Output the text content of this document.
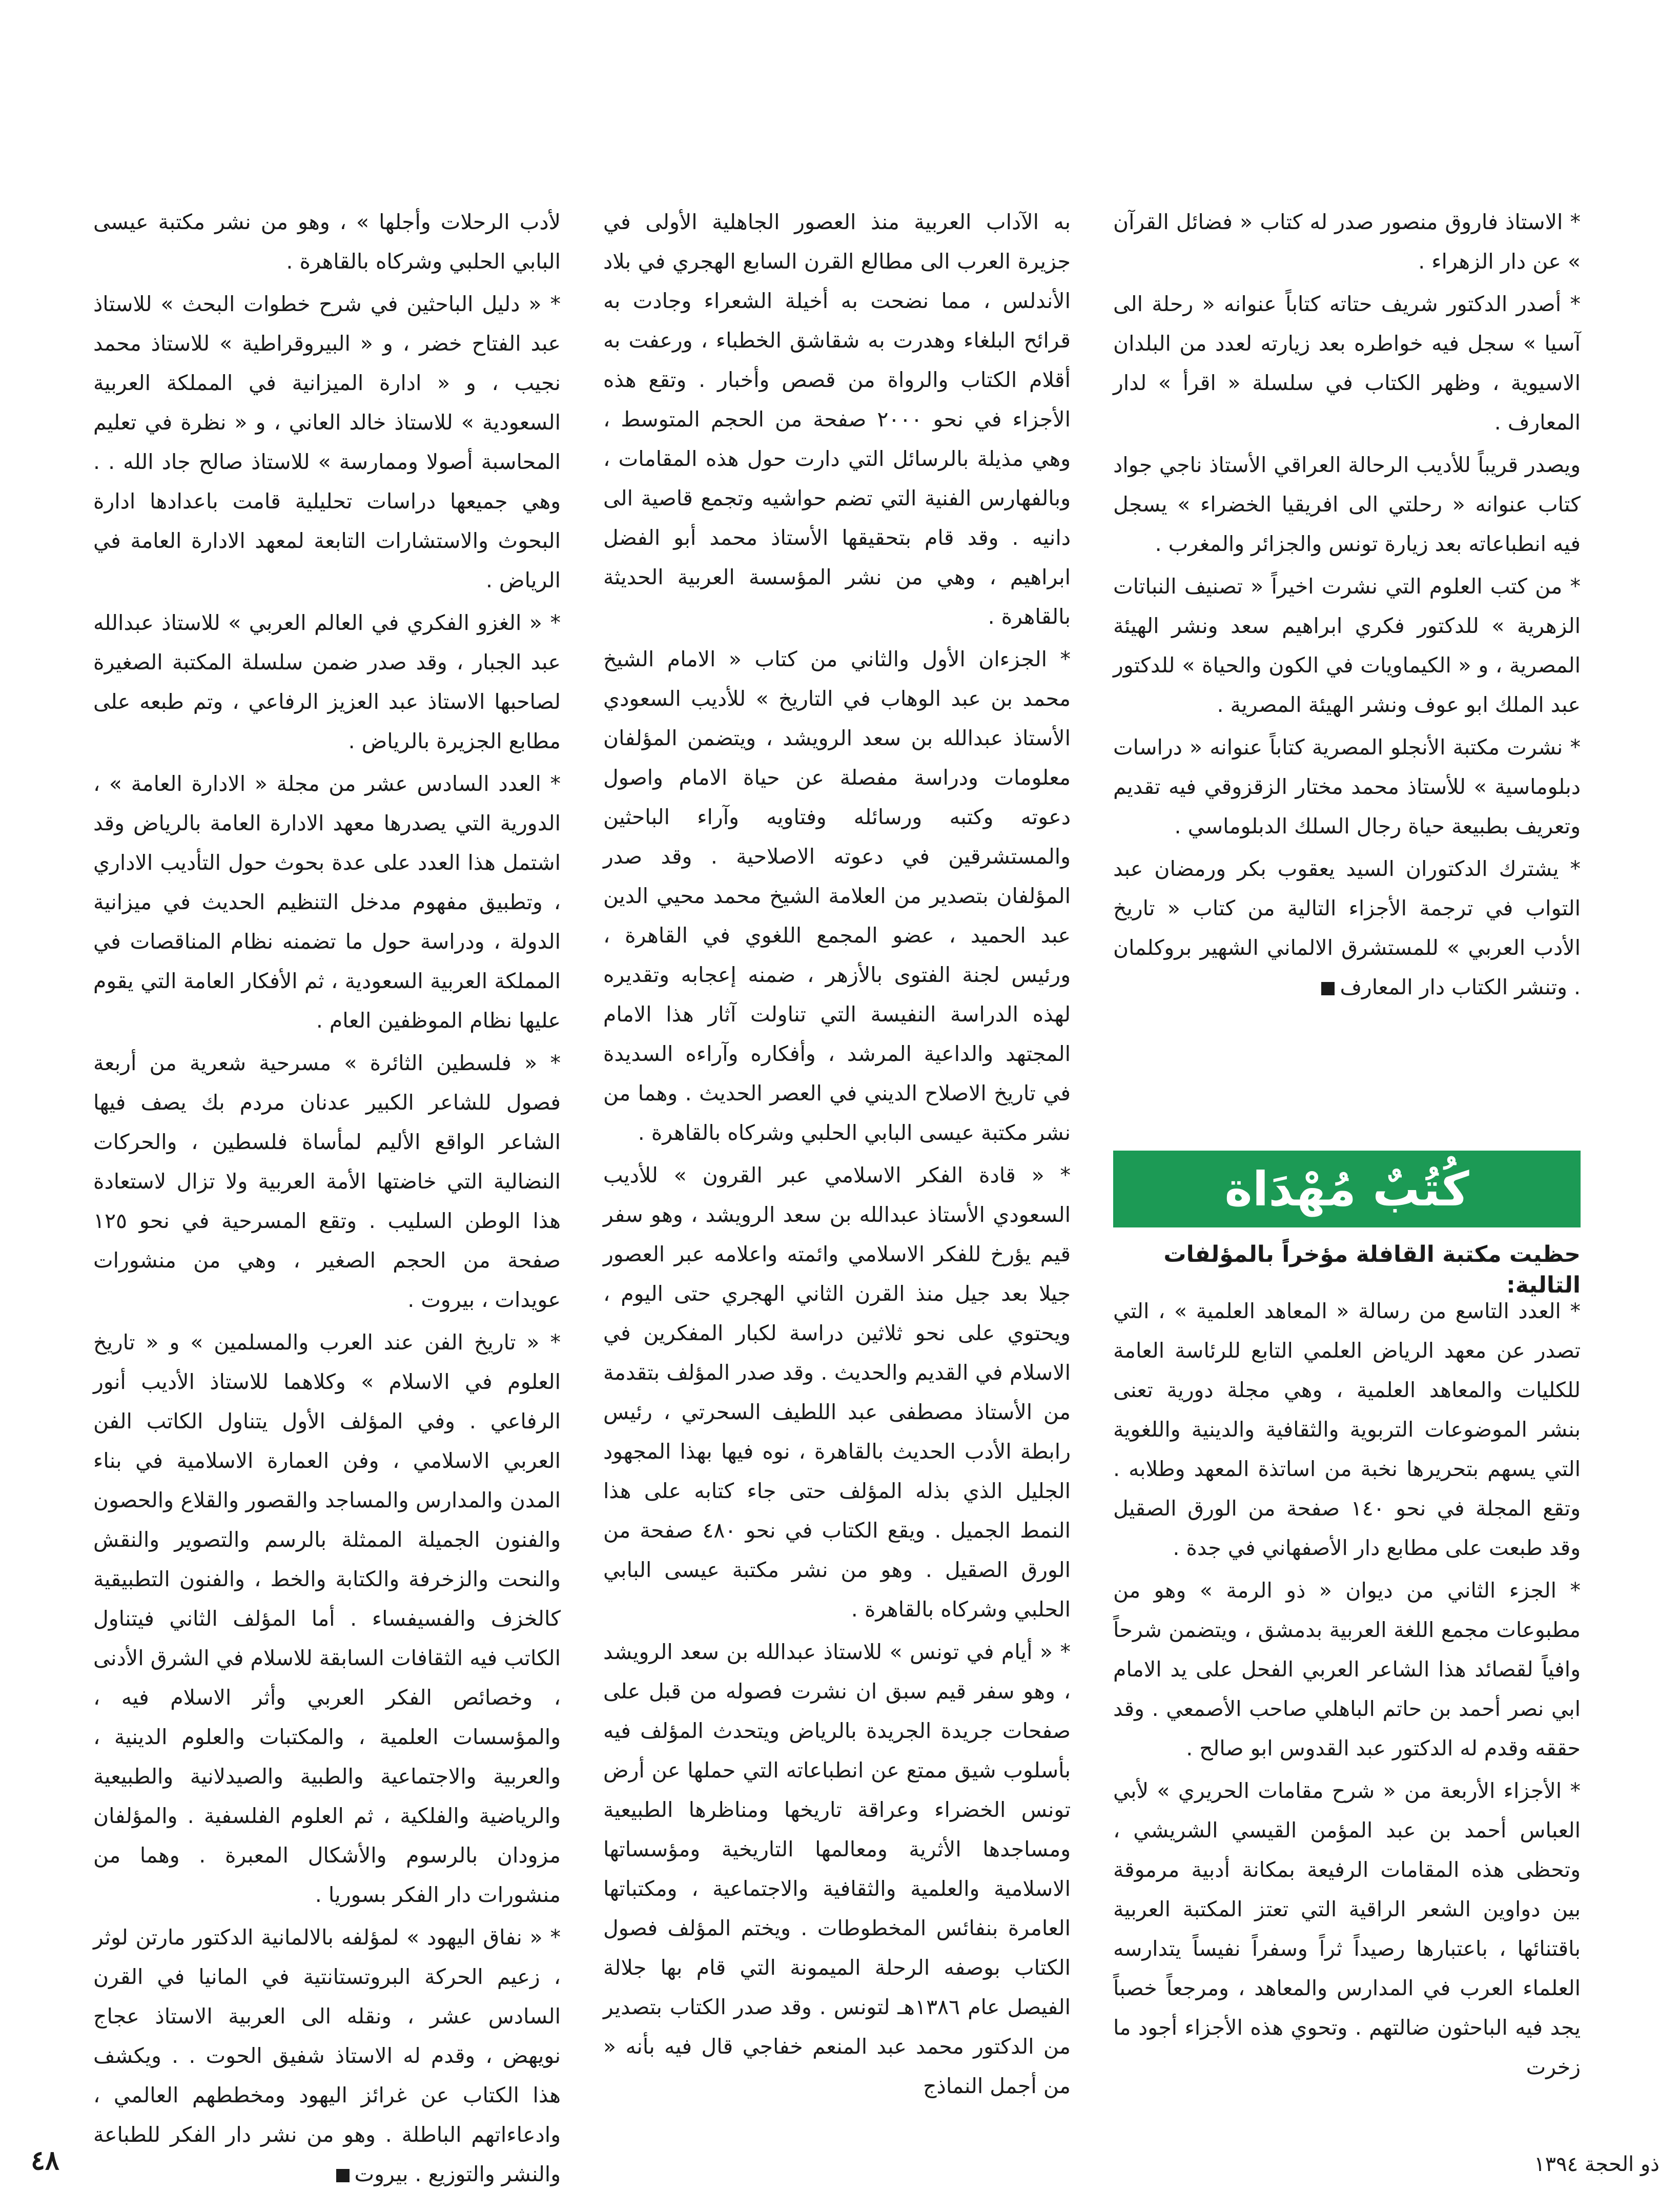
* الاستاذ فاروق منصور صدر له كتاب « فضائل القرآن » عن دار الزهراء .

* أصدر الدكتور شريف حتاته كتاباً عنوانه « رحلة الى آسيا » سجل فيه خواطره بعد زيارته لعدد من البلدان الاسيوية ، وظهر الكتاب في سلسلة « اقرأ » لدار المعارف .

ويصدر قريباً للأديب الرحالة العراقي الأستاذ ناجي جواد كتاب عنوانه « رحلتي الى افريقيا الخضراء » يسجل فيه انطباعاته بعد زيارة تونس والجزائر والمغرب .

* من كتب العلوم التي نشرت اخيراً « تصنيف النباتات الزهرية » للدكتور فكري ابراهيم سعد ونشر الهيئة المصرية ، و « الكيماويات في الكون والحياة » للدكتور عبد الملك ابو عوف ونشر الهيئة المصرية .

* نشرت مكتبة الأنجلو المصرية كتاباً عنوانه « دراسات دبلوماسية » للأستاذ محمد مختار الزقزوقي فيه تقديم وتعريف بطبيعة حياة رجال السلك الدبلوماسي .

* يشترك الدكتوران السيد يعقوب بكر ورمضان عبد التواب في ترجمة الأجزاء التالية من كتاب « تاريخ الأدب العربي » للمستشرق الالماني الشهير بروكلمان . وتنشر الكتاب دار المعارف

كُتُبٌ مُهْدَاة
حظيت مكتبة القافلة مؤخراً بالمؤلفات التالية:

* العدد التاسع من رسالة « المعاهد العلمية » ، التي تصدر عن معهد الرياض العلمي التابع للرئاسة العامة للكليات والمعاهد العلمية ، وهي مجلة دورية تعنى بنشر الموضوعات التربوية والثقافية والدينية واللغوية التي يسهم بتحريرها نخبة من اساتذة المعهد وطلابه . وتقع المجلة في نحو ١٤٠ صفحة من الورق الصقيل وقد طبعت على مطابع دار الأصفهاني في جدة .

* الجزء الثاني من ديوان « ذو الرمة » وهو من مطبوعات مجمع اللغة العربية بدمشق ، ويتضمن شرحاً وافياً لقصائد هذا الشاعر العربي الفحل على يد الامام ابي نصر أحمد بن حاتم الباهلي صاحب الأصمعي . وقد حققه وقدم له الدكتور عبد القدوس ابو صالح .

* الأجزاء الأربعة من « شرح مقامات الحريري » لأبي العباس أحمد بن عبد المؤمن القيسي الشريشي ، وتحظى هذه المقامات الرفيعة بمكانة أدبية مرموقة بين دواوين الشعر الراقية التي تعتز المكتبة العربية باقتنائها ، باعتبارها رصيداً ثراً وسفراً نفيساً يتدارسه العلماء العرب في المدارس والمعاهد ، ومرجعاً خصباً يجد فيه الباحثون ضالتهم . وتحوي هذه الأجزاء أجود ما زخرت

به الآداب العربية منذ العصور الجاهلية الأولى في جزيرة العرب الى مطالع القرن السابع الهجري في بلاد الأندلس ، مما نضحت به أخيلة الشعراء وجادت به قرائح البلغاء وهدرت به شقاشق الخطباء ، ورعفت به أقلام الكتاب والرواة من قصص وأخبار . وتقع هذه الأجزاء في نحو ٢٠٠٠ صفحة من الحجم المتوسط ، وهي مذيلة بالرسائل التي دارت حول هذه المقامات ، وبالفهارس الفنية التي تضم حواشيه وتجمع قاصية الى دانيه . وقد قام بتحقيقها الأستاذ محمد أبو الفضل ابراهيم ، وهي من نشر المؤسسة العربية الحديثة بالقاهرة .

* الجزءان الأول والثاني من كتاب « الامام الشيخ محمد بن عبد الوهاب في التاريخ » للأديب السعودي الأستاذ عبدالله بن سعد الرويشد ، ويتضمن المؤلفان معلومات ودراسة مفصلة عن حياة الامام واصول دعوته وكتبه ورسائله وفتاويه وآراء الباحثين والمستشرقين في دعوته الاصلاحية . وقد صدر المؤلفان بتصدير من العلامة الشيخ محمد محيي الدين عبد الحميد ، عضو المجمع اللغوي في القاهرة ، ورئيس لجنة الفتوى بالأزهر ، ضمنه إعجابه وتقديره لهذه الدراسة النفيسة التي تناولت آثار هذا الامام المجتهد والداعية المرشد ، وأفكاره وآراءه السديدة في تاريخ الاصلاح الديني في العصر الحديث . وهما من نشر مكتبة عيسى البابي الحلبي وشركاه بالقاهرة .

* « قادة الفكر الاسلامي عبر القرون » للأديب السعودي الأستاذ عبدالله بن سعد الرويشد ، وهو سفر قيم يؤرخ للفكر الاسلامي وائمته واعلامه عبر العصور جيلا بعد جيل منذ القرن الثاني الهجري حتى اليوم ، ويحتوي على نحو ثلاثين دراسة لكبار المفكرين في الاسلام في القديم والحديث . وقد صدر المؤلف بتقدمة من الأستاذ مصطفى عبد اللطيف السحرتي ، رئيس رابطة الأدب الحديث بالقاهرة ، نوه فيها بهذا المجهود الجليل الذي بذله المؤلف حتى جاء كتابه على هذا النمط الجميل . ويقع الكتاب في نحو ٤٨٠ صفحة من الورق الصقيل . وهو من نشر مكتبة عيسى البابي الحلبي وشركاه بالقاهرة .

* « أيام في تونس » للاستاذ عبدالله بن سعد الرويشد ، وهو سفر قيم سبق ان نشرت فصوله من قبل على صفحات جريدة الجريدة بالرياض ويتحدث المؤلف فيه بأسلوب شيق ممتع عن انطباعاته التي حملها عن أرض تونس الخضراء وعراقة تاريخها ومناظرها الطبيعية ومساجدها الأثرية ومعالمها التاريخية ومؤسساتها الاسلامية والعلمية والثقافية والاجتماعية ، ومكتباتها العامرة بنفائس المخطوطات . ويختم المؤلف فصول الكتاب بوصفه الرحلة الميمونة التي قام بها جلالة الفيصل عام ١٣٨٦هـ لتونس . وقد صدر الكتاب بتصدير من الدكتور محمد عبد المنعم خفاجي قال فيه بأنه « من أجمل النماذج

لأدب الرحلات وأجلها » ، وهو من نشر مكتبة عيسى البابي الحلبي وشركاه بالقاهرة .

* « دليل الباحثين في شرح خطوات البحث » للاستاذ عبد الفتاح خضر ، و « البيروقراطية » للاستاذ محمد نجيب ، و « ادارة الميزانية في المملكة العربية السعودية » للاستاذ خالد العاني ، و « نظرة في تعليم المحاسبة أصولا وممارسة » للاستاذ صالح جاد الله . . وهي جميعها دراسات تحليلية قامت باعدادها ادارة البحوث والاستشارات التابعة لمعهد الادارة العامة في الرياض .

* « الغزو الفكري في العالم العربي » للاستاذ عبدالله عبد الجبار ، وقد صدر ضمن سلسلة المكتبة الصغيرة لصاحبها الاستاذ عبد العزيز الرفاعي ، وتم طبعه على مطابع الجزيرة بالرياض .

* العدد السادس عشر من مجلة « الادارة العامة » ، الدورية التي يصدرها معهد الادارة العامة بالرياض وقد اشتمل هذا العدد على عدة بحوث حول التأديب الاداري ، وتطبيق مفهوم مدخل التنظيم الحديث في ميزانية الدولة ، ودراسة حول ما تضمنه نظام المناقصات في المملكة العربية السعودية ، ثم الأفكار العامة التي يقوم عليها نظام الموظفين العام .

* « فلسطين الثائرة » مسرحية شعرية من أربعة فصول للشاعر الكبير عدنان مردم بك يصف فيها الشاعر الواقع الأليم لمأساة فلسطين ، والحركات النضالية التي خاضتها الأمة العربية ولا تزال لاستعادة هذا الوطن السليب . وتقع المسرحية في نحو ١٢٥ صفحة من الحجم الصغير ، وهي من منشورات عويدات ، بيروت .

* « تاريخ الفن عند العرب والمسلمين » و « تاريخ العلوم في الاسلام » وكلاهما للاستاذ الأديب أنور الرفاعي . وفي المؤلف الأول يتناول الكاتب الفن العربي الاسلامي ، وفن العمارة الاسلامية في بناء المدن والمدارس والمساجد والقصور والقلاع والحصون والفنون الجميلة الممثلة بالرسم والتصوير والنقش والنحت والزخرفة والكتابة والخط ، والفنون التطبيقية كالخزف والفسيفساء . أما المؤلف الثاني فيتناول الكاتب فيه الثقافات السابقة للاسلام في الشرق الأدنى ، وخصائص الفكر العربي وأثر الاسلام فيه ، والمؤسسات العلمية ، والمكتبات والعلوم الدينية ، والعربية والاجتماعية والطبية والصيدلانية والطبيعية والرياضية والفلكية ، ثم العلوم الفلسفية . والمؤلفان مزودان بالرسوم والأشكال المعبرة . وهما من منشورات دار الفكر بسوريا .

* « نفاق اليهود » لمؤلفه بالالمانية الدكتور مارتن لوثر ، زعيم الحركة البروتستانتية في المانيا في القرن السادس عشر ، ونقله الى العربية الاستاذ عجاج نويهض ، وقدم له الاستاذ شفيق الحوت . . ويكشف هذا الكتاب عن غرائز اليهود ومخططهم العالمي ، وادعاءاتهم الباطلة . وهو من نشر دار الفكر للطباعة والنشر والتوزيع . بيروت

٤٨	ذو الحجة ١٣٩٤
